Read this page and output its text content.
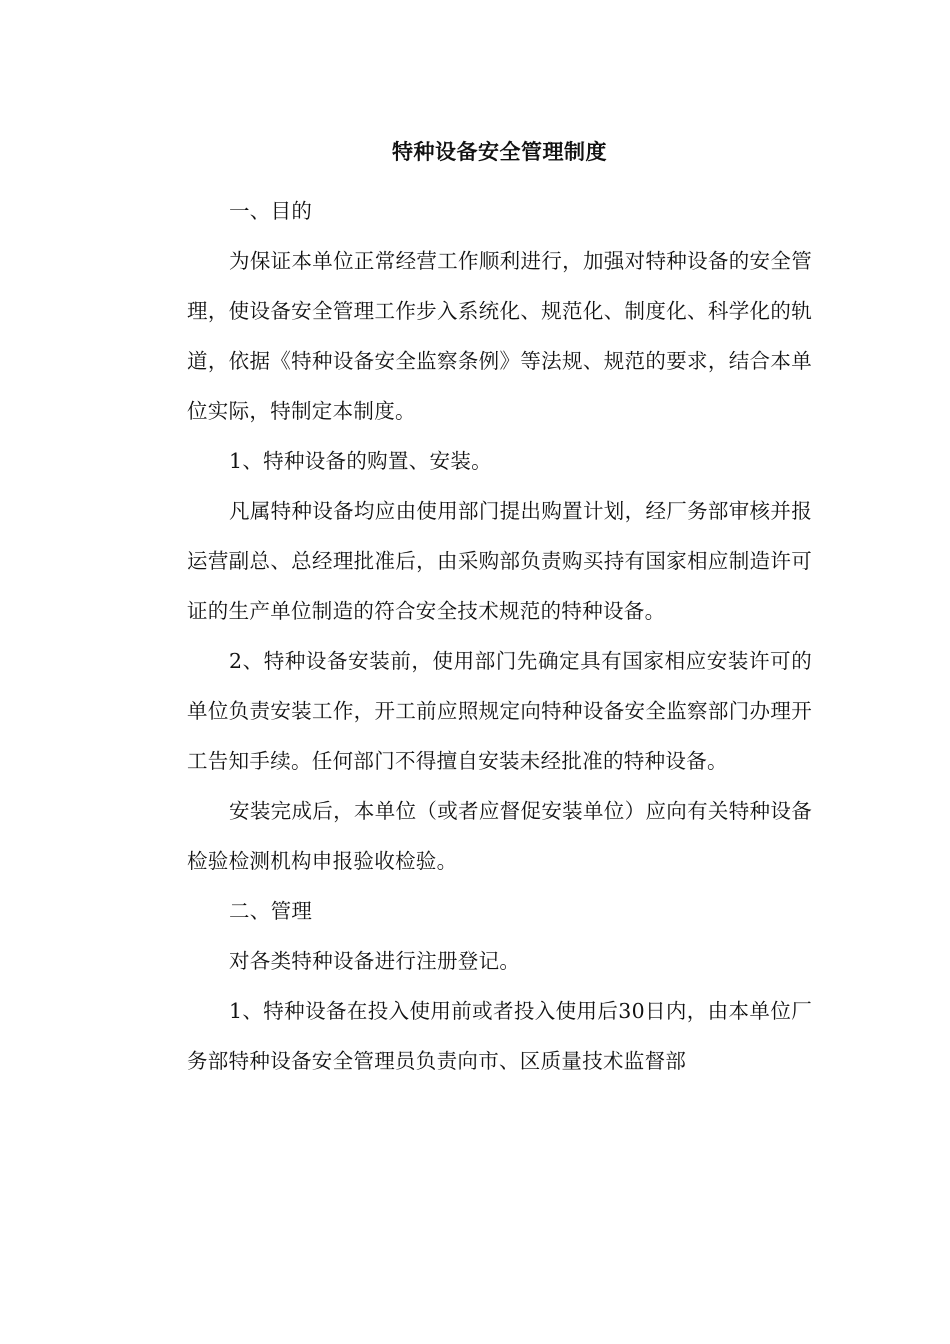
特种设备安全管理制度

一、目的

为保证本单位正常经营工作顺利进行，加强对特种设备的安全管理，使设备安全管理工作步入系统化、规范化、制度化、科学化的轨道，依据《特种设备安全监察条例》等法规、规范的要求，结合本单位实际，特制定本制度。

1、特种设备的购置、安装。

凡属特种设备均应由使用部门提出购置计划，经厂务部审核并报运营副总、总经理批准后，由采购部负责购买持有国家相应制造许可证的生产单位制造的符合安全技术规范的特种设备。

2、特种设备安装前，使用部门先确定具有国家相应安装许可的单位负责安装工作，开工前应照规定向特种设备安全监察部门办理开工告知手续。任何部门不得擅自安装未经批准的特种设备。

安装完成后，本单位（或者应督促安装单位）应向有关特种设备检验检测机构申报验收检验。

二、管理

对各类特种设备进行注册登记。

1、特种设备在投入使用前或者投入使用后30日内，由本单位厂务部特种设备安全管理员负责向市、区质量技术监督部
